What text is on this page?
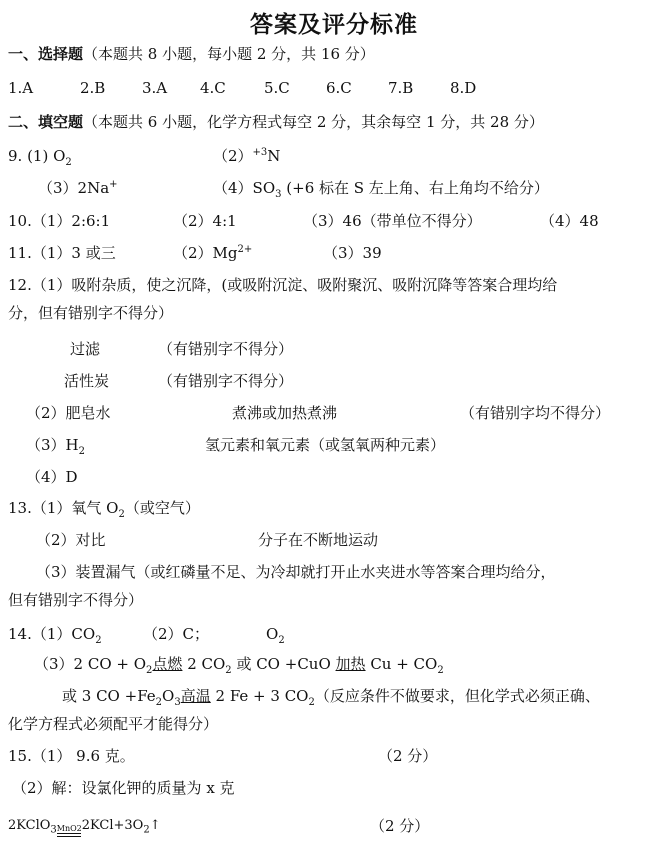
答案及评分标准
一、选择题（本题共 8 小题，每小题 2 分，共 16 分）
1.A	2.B 3.A 4.C	5.C 6.C 7.B 8.D
二、填空题（本题共 6 小题，化学方程式每空 2 分，其余每空 1 分，共 28 分）
9. (1) $O_2$	$(2)^{+3}N$
（3）2Na+	$(4)SO_3$ (+6 标在 S 左上角、右上角均不给分）
10.（1）2:6:1	（2）4:1	（3）46（带单位不得分）	（4）48
11.（1）3 或三	$(2)Mg^{2+}$	（3）39
12.（1）吸附杂质，使之沉降，(或吸附沉淀、吸附聚沉、吸附沉降等答案合理均给
分，但有错别字不得分）
过滤	（有错别字不得分）
活性炭	（有错别字不得分）
（2）肥皂水	煮沸或加热煮沸	（有错别字均不得分）
$(3)H_2$	氢元素和氧元素（或氢氧两种元素）
（4）D
13.（1）氧气 $O_2$（或空气）
（2）对比	分子在不断地运动
（3）装置漏气（或红磷量不足、为冷却就打开止水夹进水等答案合理均给分，
但有错别字不得分）
$14.(1)CO_2$	（2）C；	$O_2$
（3）2 CO + $O_2$点燃 2 $CO_2$ 或 CO +CuO 加热 $Cu + CO_2$
或 3 CO $+Fe_2O_3$高温 2 Fe + 3 $CO_2$（反应条件不做要求，但化学式必须正确、
化学方程式必须配平才能得分）
15.（1） 9.6 克。	（2 分）
（2）解：设氯化钾的质量为 x 克
2KClO$_3$ MnO2 $2KCl+3O_2↑$	（2 分）
